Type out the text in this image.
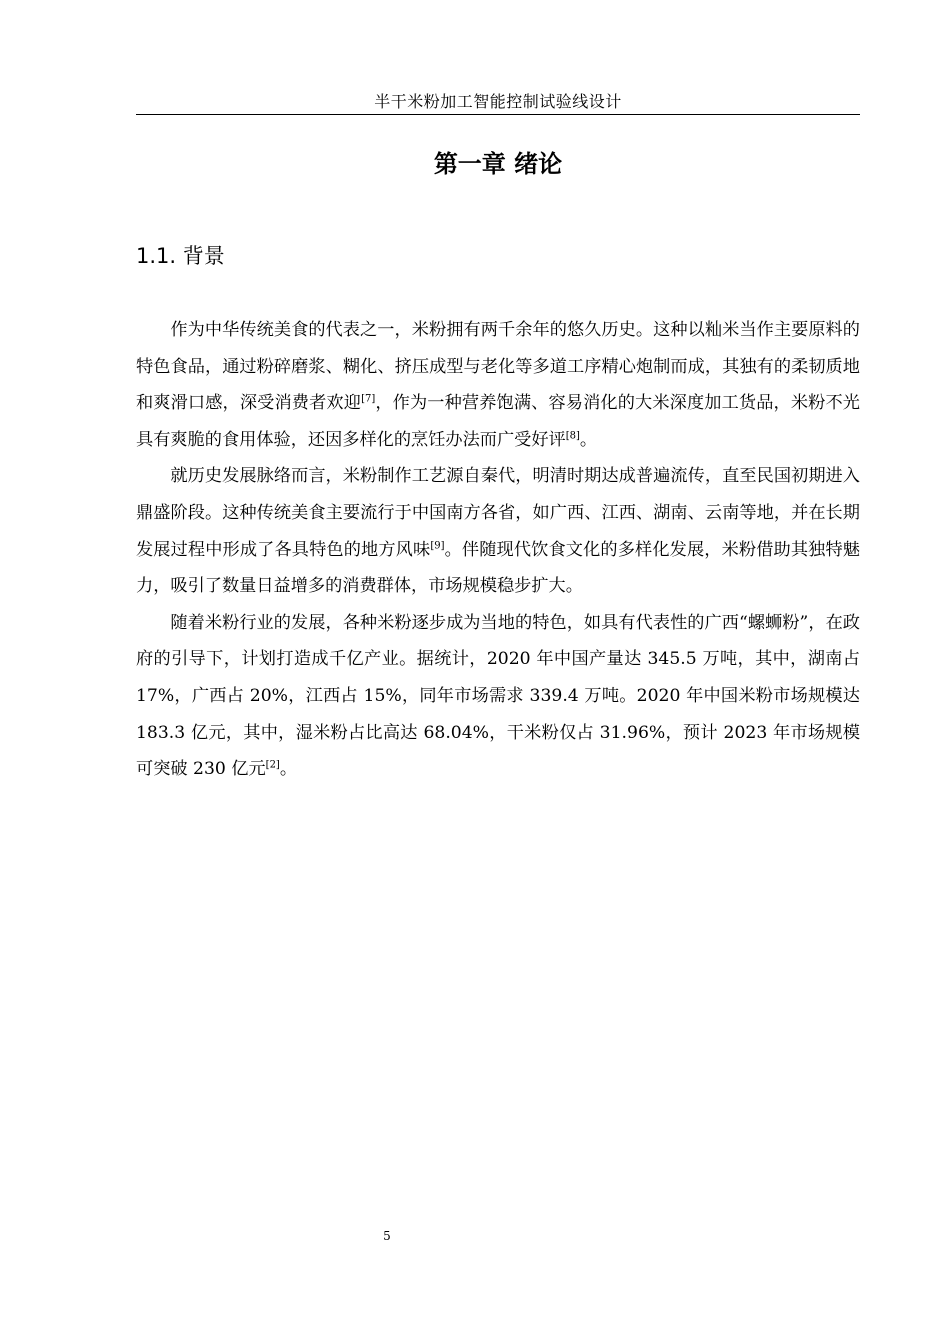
半干米粉加工智能控制试验线设计
第一章 绪论
1.1. 背景

作为中华传统美食的代表之一，米粉拥有两千余年的悠久历史。这种以籼米当作主要原料的特色食品，通过粉碎磨浆、糊化、挤压成型与老化等多道工序精心炮制而成，其独有的柔韧质地和爽滑口感，深受消费者欢迎[7]，作为一种营养饱满、容易消化的大米深度加工货品，米粉不光具有爽脆的食用体验，还因多样化的烹饪办法而广受好评[8]。

就历史发展脉络而言，米粉制作工艺源自秦代，明清时期达成普遍流传，直至民国初期进入鼎盛阶段。这种传统美食主要流行于中国南方各省，如广西、江西、湖南、云南等地，并在长期发展过程中形成了各具特色的地方风味[9]。伴随现代饮食文化的多样化发展，米粉借助其独特魅力，吸引了数量日益增多的消费群体，市场规模稳步扩大。

随着米粉行业的发展，各种米粉逐步成为当地的特色，如具有代表性的广西“螺蛳粉”，在政府的引导下，计划打造成千亿产业。据统计，2020 年中国产量达 345.5 万吨，其中，湖南占 17%，广西占 20%，江西占 15%，同年市场需求 339.4 万吨。2020 年中国米粉市场规模达 183.3 亿元，其中，湿米粉占比高达 68.04%，干米粉仅占 31.96%，预计 2023 年市场规模可突破 230 亿元[2]。

5
